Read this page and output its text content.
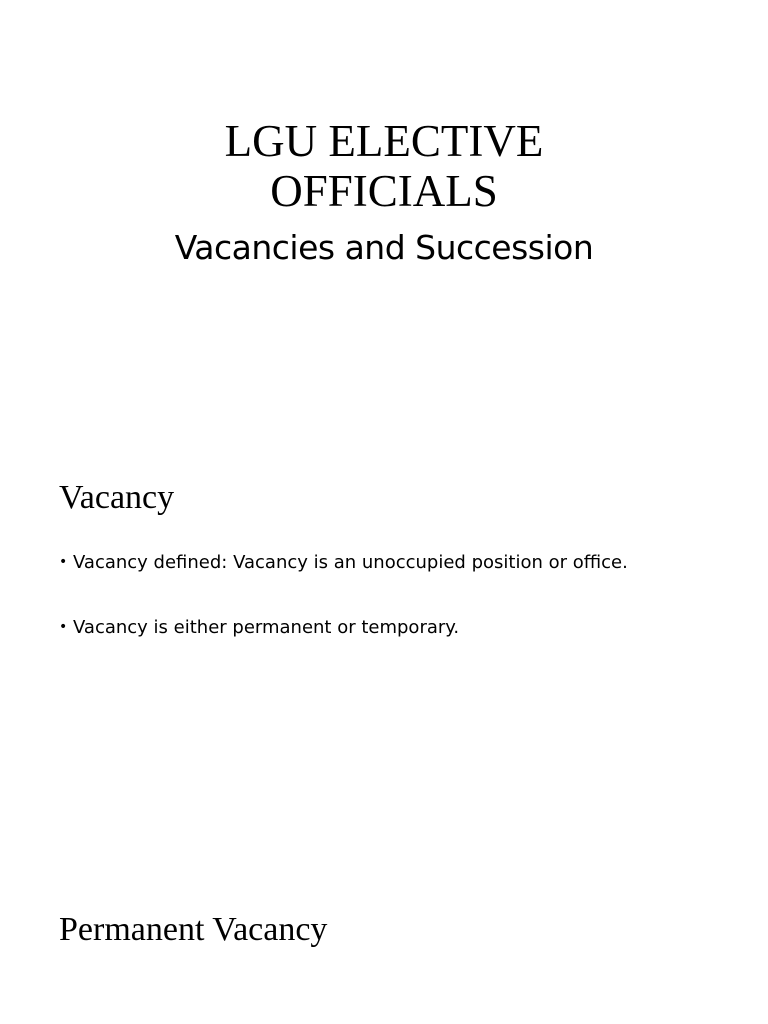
LGU ELECTIVE
OFFICIALS
Vacancies and Succession
Vacancy
• Vacancy defined: Vacancy is an unoccupied position or office.
• Vacancy is either permanent or temporary.
Permanent Vacancy
